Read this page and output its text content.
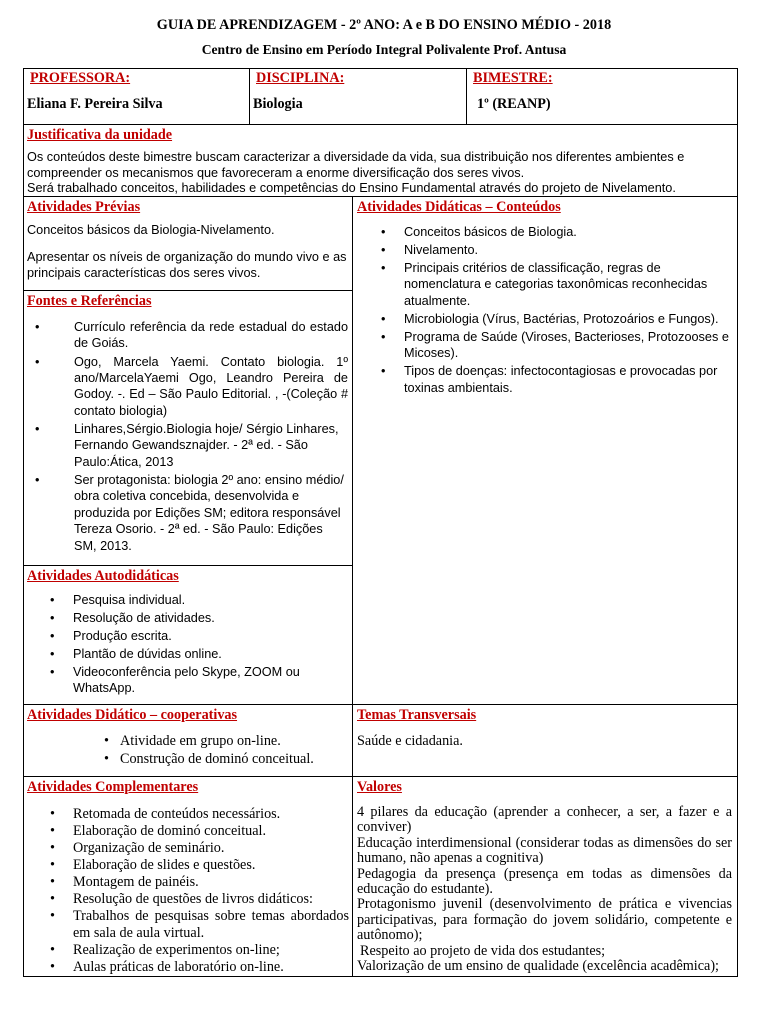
GUIA DE APRENDIZAGEM - 2º ANO: A e B DO ENSINO MÉDIO - 2018
Centro de Ensino em Período Integral Polivalente Prof. Antusa
PROFESSORA:
Eliana F. Pereira Silva
DISCIPLINA:
Biologia
BIMESTRE:
1º (REANP)
Justificativa da unidade

Os conteúdos deste bimestre buscam caracterizar a diversidade da vida, sua distribuição nos diferentes ambientes e compreender os mecanismos que favoreceram a enorme diversificação dos seres vivos.

Será trabalhado conceitos, habilidades e competências do Ensino Fundamental através do projeto de Nivelamento.

Atividades Prévias

Conceitos básicos da Biologia-Nivelamento.

Apresentar os níveis de organização do mundo vivo e as principais características dos seres vivos.

Fontes e Referências
• Currículo referência da rede estadual do estado de Goiás.
• Ogo, Marcela Yaemi. Contato biologia. 1º ano/MarcelaYaemi Ogo, Leandro Pereira de Godoy. -. Ed – São Paulo Editorial. , -(Coleção # contato biologia)
• Linhares,Sérgio.Biologia hoje/ Sérgio Linhares, Fernando Gewandsznajder. - 2ª ed. - São Paulo:Ática, 2013
• Ser protagonista: biologia 2º ano: ensino médio/ obra coletiva concebida, desenvolvida e produzida por Edições SM; editora responsável Tereza Osorio. - 2ª ed. - São Paulo: Edições SM, 2013.
Atividades Autodidáticas
• Pesquisa individual.
• Resolução de atividades.
• Produção escrita.
• Plantão de dúvidas online.
• Videoconferência pelo Skype, ZOOM ou WhatsApp.
Atividades Didáticas – Conteúdos
• Conceitos básicos de Biologia.
• Nivelamento.
• Principais critérios de classificação, regras de nomenclatura e categorias taxonômicas reconhecidas atualmente.
• Microbiologia (Vírus, Bactérias, Protozoários e Fungos).
• Programa de Saúde (Viroses, Bacterioses, Protozooses e Micoses).
• Tipos de doenças: infectocontagiosas e provocadas por toxinas ambientais.
Atividades Didático – cooperativas
• Atividade em grupo on-line.
• Construção de dominó conceitual.
Temas Transversais

Saúde e cidadania.

Atividades Complementares
• Retomada de conteúdos necessários.
• Elaboração de dominó conceitual.
• Organização de seminário.
• Elaboração de slides e questões.
• Montagem de painéis.
• Resolução de questões de livros didáticos:
• Trabalhos de pesquisas sobre temas abordados em sala de aula virtual.
• Realização de experimentos on-line;
• Aulas práticas de laboratório on-line.
Valores

4 pilares da educação (aprender a conhecer, a ser, a fazer e a conviver)

Educação interdimensional (considerar todas as dimensões do ser humano, não apenas a cognitiva)

Pedagogia da presença (presença em todas as dimensões da educação do estudante).

Protagonismo juvenil (desenvolvimento de prática e vivencias participativas, para formação do jovem solidário, competente e autônomo);

Respeito ao projeto de vida dos estudantes;

Valorização de um ensino de qualidade (excelência acadêmica);
